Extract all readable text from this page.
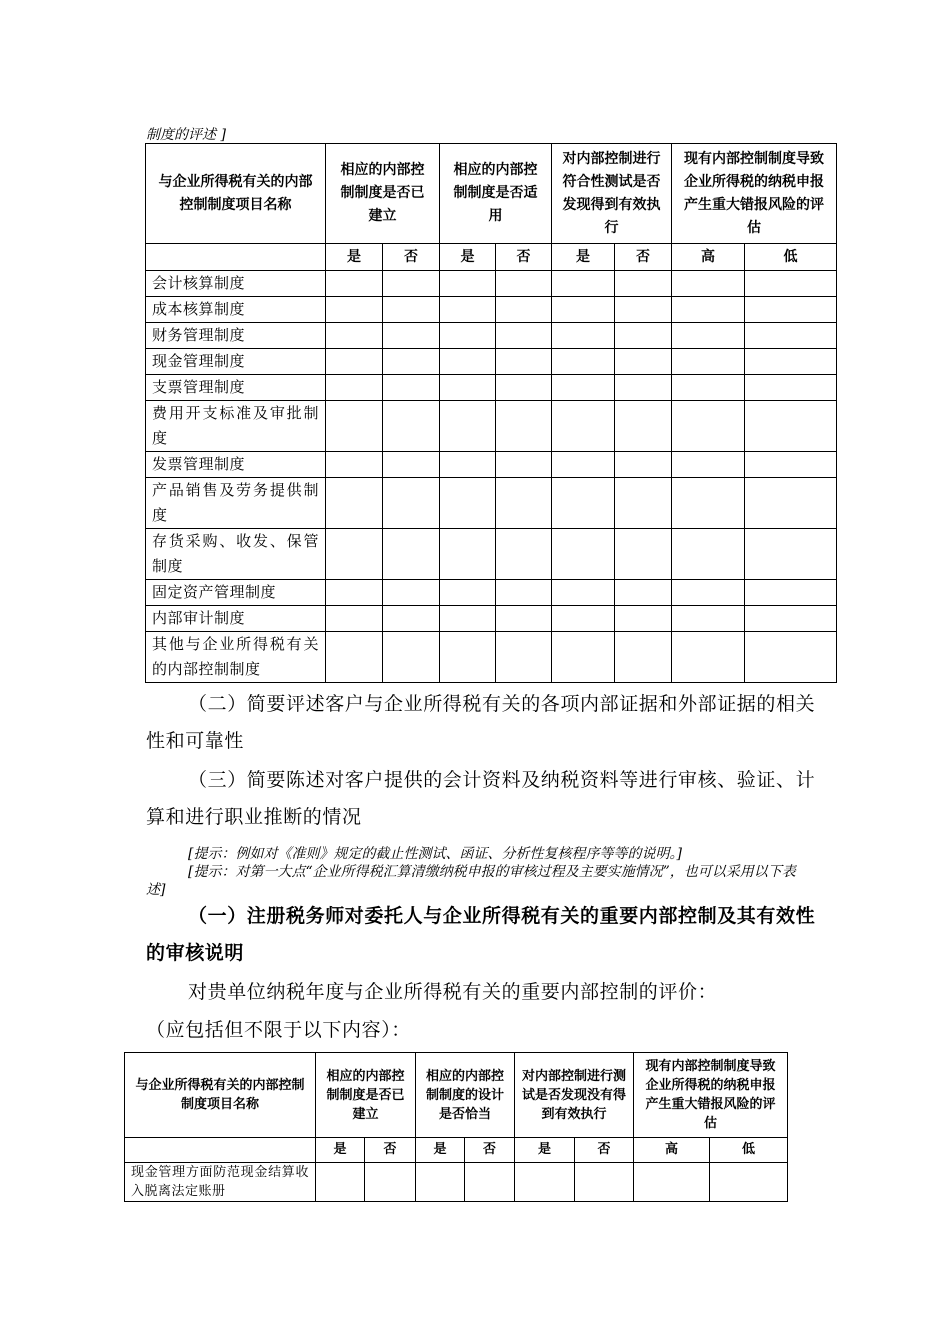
制度的评述 ]
与企业所得税有关的内部控制制度项目名称	相应的内部控制制度是否已建立		相应的内部控制制度是否适用		对内部控制进行符合性测试是否发现得到有效执行		现有内部控制制度导致企业所得税的纳税申报产生重大错报风险的评估	

	是	否	是	否	是	否	高	低
会计核算制度								
成本核算制度								
财务管理制度								
现金管理制度								
支票管理制度								
费用开支标准及审批制度								
发票管理制度								
产品销售及劳务提供制度								
存货采购、收发、保管制度								
固定资产管理制度								
内部审计制度								
其他与企业所得税有关的内部控制制度								
（二）简要评述客户与企业所得税有关的各项内部证据和外部证据的相关性和可靠性
（三）简要陈述对客户提供的会计资料及纳税资料等进行审核、验证、计算和进行职业推断的情况
[提示：例如对《准则》规定的截止性测试、函证、分析性复核程序等等的说明。]
[提示：对第一大点“企业所得税汇算清缴纳税申报的审核过程及主要实施情况”，也可以采用以下表述]
（一）注册税务师对委托人与企业所得税有关的重要内部控制及其有效性的审核说明
对贵单位纳税年度与企业所得税有关的重要内部控制的评价：
（应包括但不限于以下内容）：
与企业所得税有关的内部控制制度项目名称	相应的内部控制制度是否已建立		相应的内部控制制度的设计是否恰当		对内部控制进行测试是否发现没有得到有效执行		现有内部控制制度导致企业所得税的纳税申报产生重大错报风险的评估	

	是	否	是	否	是	否	高	低
现金管理方面防范现金结算收入脱离法定账册								
